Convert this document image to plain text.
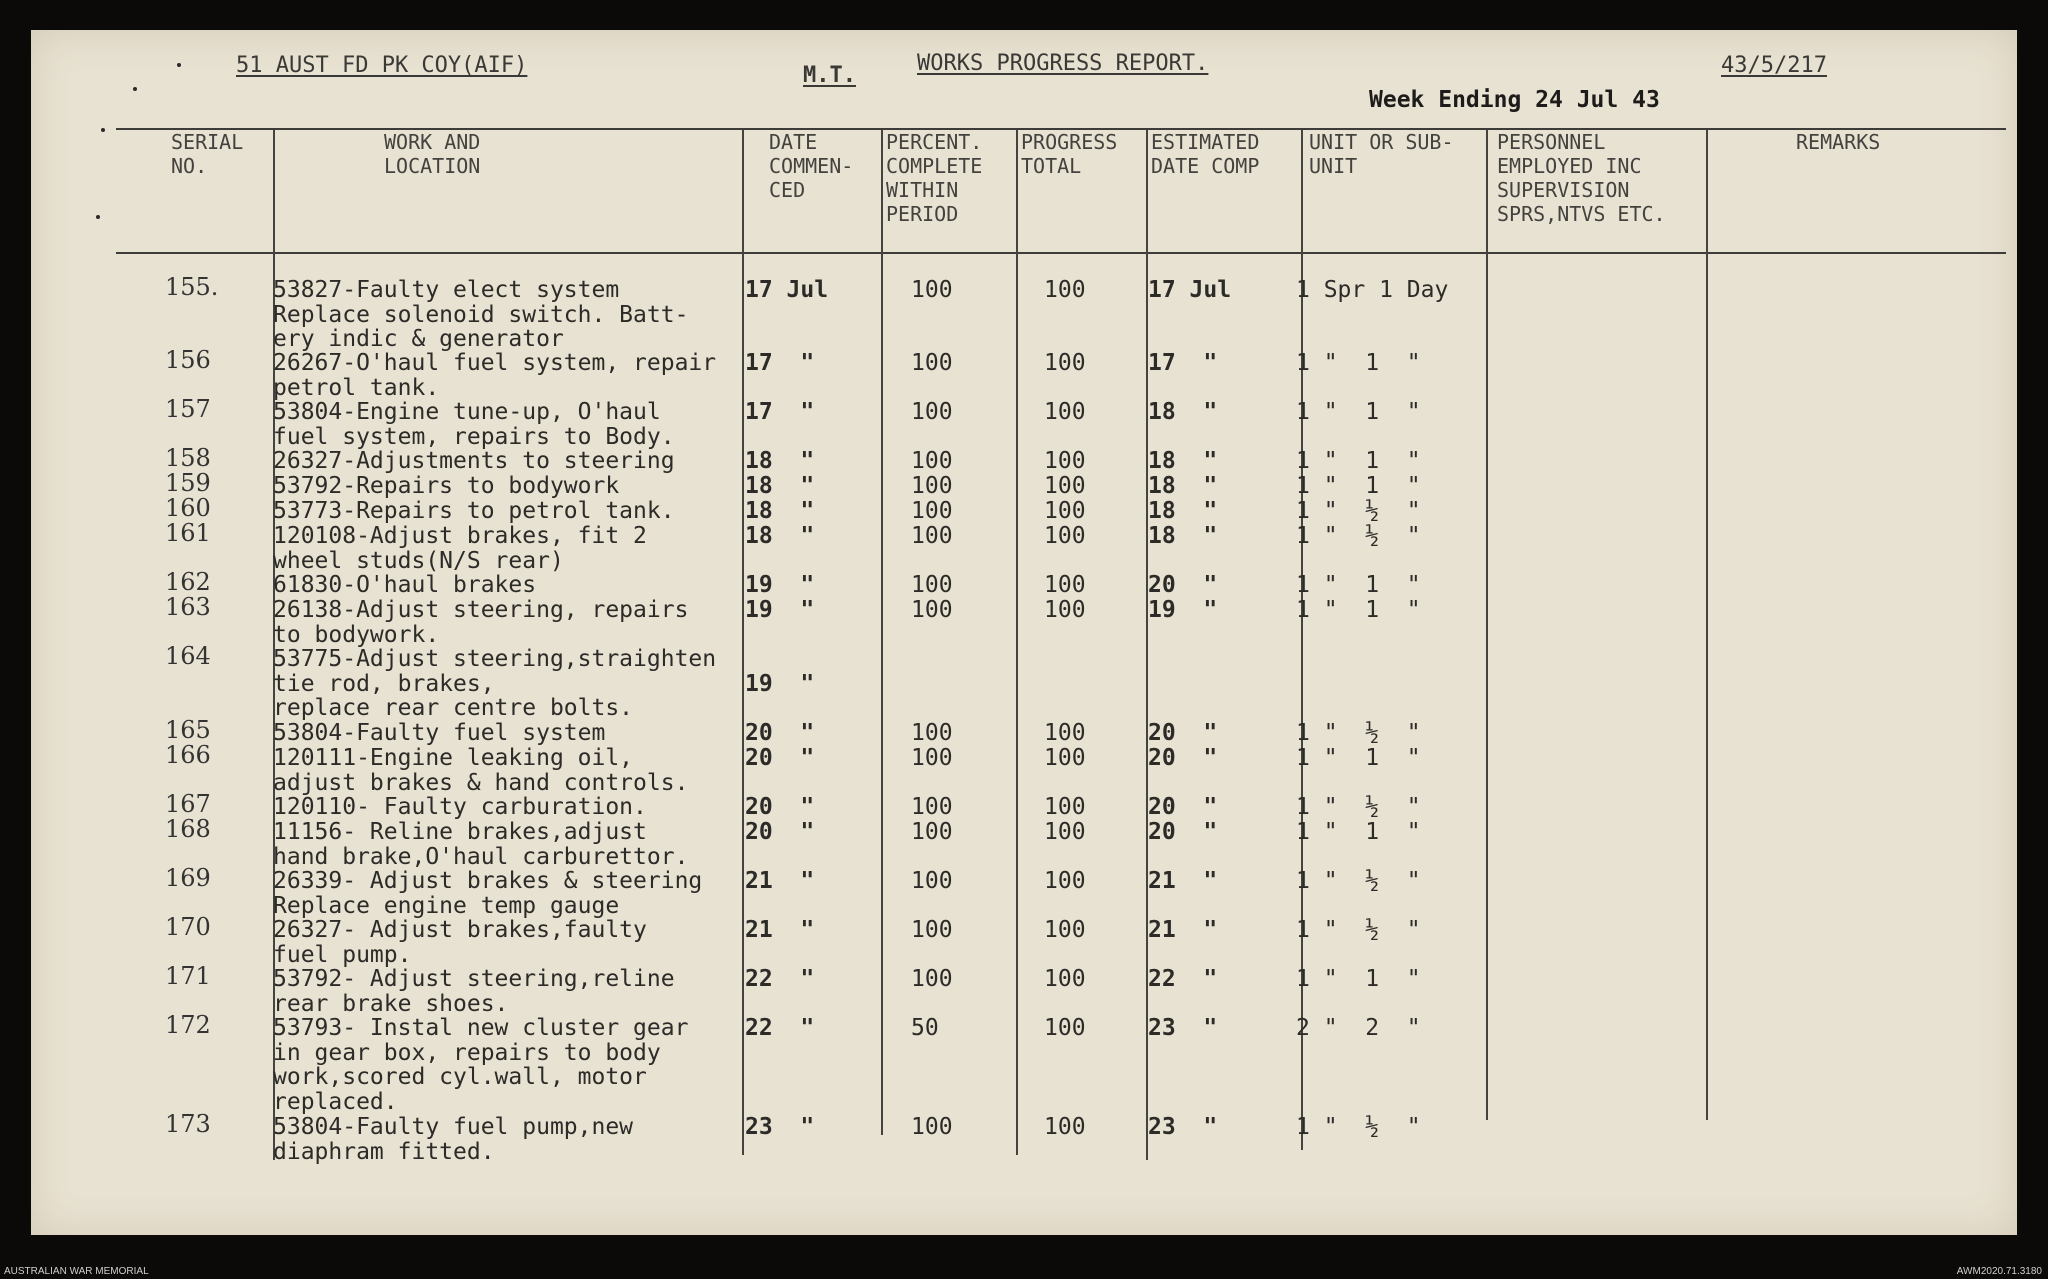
51 AUST FD PK COY(AIF)	M.T.	WORKS PROGRESS REPORT.	43/5/217
Week Ending 24 Jul 43
SERIAL
NO.
WORK AND
LOCATION
DATE
COMMEN-
CED
PERCENT.
COMPLETE
WITHIN
PERIOD
PROGRESS
TOTAL
ESTIMATED
DATE COMP
UNIT OR SUB-
UNIT
PERSONNEL
EMPLOYED INC
SUPERVISION
SPRS,NTVS ETC.
REMARKS
155. 53827-Faulty elect system
Replace solenoid switch. Batt-
ery indic & generator
17 Jul	100	100	17 Jul	1 Spr 1 Day
156	26267-O'haul fuel system, repair
petrol tank.
17  "	100	100	17  "	1 "  1  "
157	53804-Engine tune-up, O'haul
fuel system, repairs to Body.
17  "	100	100	18  "	1 "  1  "
158	26327-Adjustments to steering	18  "	100	100	18  "	1 "  1  "
159	53792-Repairs to bodywork	18  "	100	100	18  "	1 "  1  "
160	53773-Repairs to petrol tank.	18  "	100	100	18  "	1 "  ½  "
161	120108-Adjust brakes, fit 2
wheel studs(N/S rear)
18  "	100	100	18  "	1 "  ½  "
162	61830-O'haul brakes	19  "	100	100	20  "	1 "  1  "
163	26138-Adjust steering, repairs
to bodywork.
19  "	100	100	19  "	1 "  1  "
164	53775-Adjust steering,straighten
tie rod, brakes,
replace rear centre bolts.
19  "
165	53804-Faulty fuel system	20  "	100	100	20  "	1 "  ½  "
166	120111-Engine leaking oil,
adjust brakes & hand controls.
20  "	100	100	20  "	1 "  1  "
167	120110- Faulty carburation.	20  "	100	100	20  "	1 "  ½  "
168	11156- Reline brakes,adjust
hand brake,O'haul carburettor.
20  "	100	100	20  "	1 "  1  "
169	26339- Adjust brakes & steering
Replace engine temp gauge
21  "	100	100	21  "	1 "  ½  "
170	26327- Adjust brakes,faulty
fuel pump.
21  "	100	100	21  "	1 "  ½  "
171	53792- Adjust steering,reline
rear brake shoes.
22  "	100	100	22  "	1 "  1  "
172	53793- Instal new cluster gear
in gear box, repairs to body
work,scored cyl.wall, motor
replaced.
22  "	50	100	23  "	2 "  2  "
173	53804-Faulty fuel pump,new
diaphram fitted.
23  "	100	100	23  "	1 "  ½  "
AUSTRALIAN WAR MEMORIAL	AWM2020.71.3180
